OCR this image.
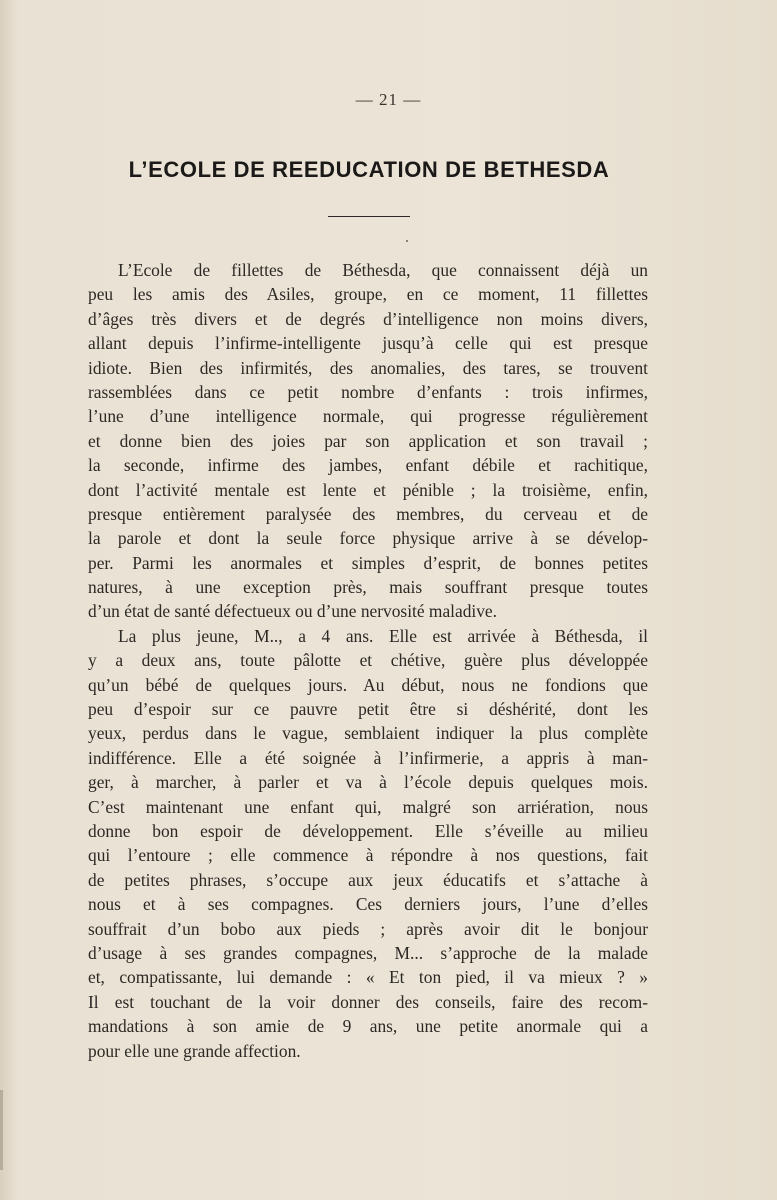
— 21 —
L’ECOLE DE REEDUCATION DE BETHESDA
L’Ecole de fillettes de Béthesda, que connaissent déjà un
peu les amis des Asiles, groupe, en ce moment, 11 fillettes
d’âges très divers et de degrés d’intelligence non moins divers,
allant depuis l’infirme-intelligente jusqu’à celle qui est presque
idiote. Bien des infirmités, des anomalies, des tares, se trouvent
rassemblées dans ce petit nombre d’enfants : trois infirmes,
l’une d’une intelligence normale, qui progresse régulièrement
et donne bien des joies par son application et son travail ;
la seconde, infirme des jambes, enfant débile et rachitique,
dont l’activité mentale est lente et pénible ; la troisième, enfin,
presque entièrement paralysée des membres, du cerveau et de
la parole et dont la seule force physique arrive à se dévelop-
per. Parmi les anormales et simples d’esprit, de bonnes petites
natures, à une exception près, mais souffrant presque toutes
d’un état de santé défectueux ou d’une nervosité maladive.
La plus jeune, M.., a 4 ans. Elle est arrivée à Béthesda, il
y a deux ans, toute pâlotte et chétive, guère plus développée
qu’un bébé de quelques jours. Au début, nous ne fondions que
peu d’espoir sur ce pauvre petit être si déshérité, dont les
yeux, perdus dans le vague, semblaient indiquer la plus complète
indifférence. Elle a été soignée à l’infirmerie, a appris à man-
ger, à marcher, à parler et va à l’école depuis quelques mois.
C’est maintenant une enfant qui, malgré son arriération, nous
donne bon espoir de développement. Elle s’éveille au milieu
qui l’entoure ; elle commence à répondre à nos questions, fait
de petites phrases, s’occupe aux jeux éducatifs et s’attache à
nous et à ses compagnes. Ces derniers jours, l’une d’elles
souffrait d’un bobo aux pieds ; après avoir dit le bonjour
d’usage à ses grandes compagnes, M... s’approche de la malade
et, compatissante, lui demande : « Et ton pied, il va mieux ? »
Il est touchant de la voir donner des conseils, faire des recom-
mandations à son amie de 9 ans, une petite anormale qui a
pour elle une grande affection.
